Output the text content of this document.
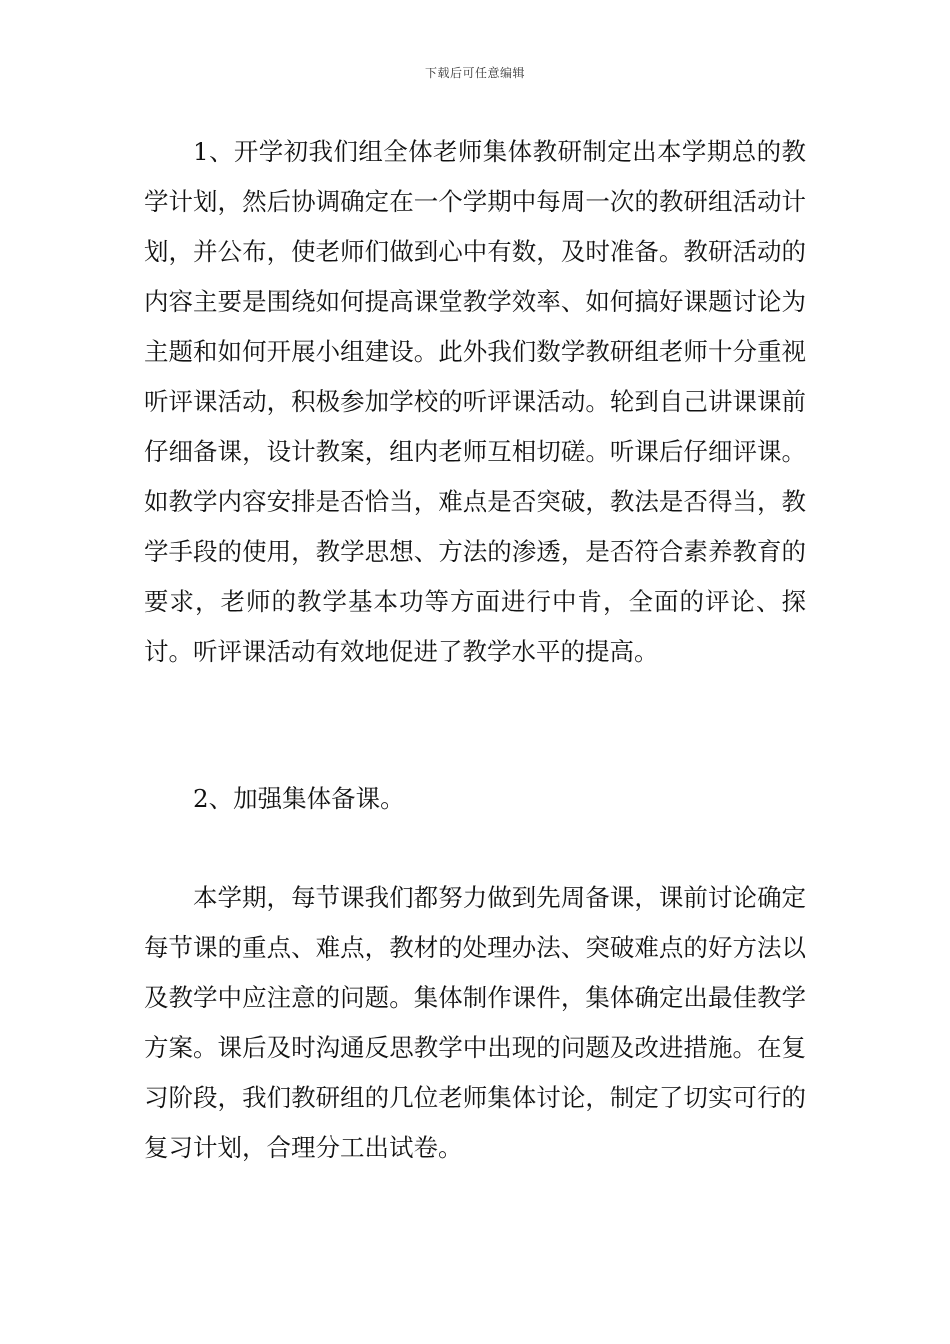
下载后可任意编辑

1、开学初我们组全体老师集体教研制定出本学期总的教学计划，然后协调确定在一个学期中每周一次的教研组活动计划，并公布，使老师们做到心中有数，及时准备。教研活动的内容主要是围绕如何提高课堂教学效率、如何搞好课题讨论为主题和如何开展小组建设。此外我们数学教研组老师十分重视听评课活动，积极参加学校的听评课活动。轮到自己讲课课前仔细备课，设计教案，组内老师互相切磋。听课后仔细评课。如教学内容安排是否恰当，难点是否突破，教法是否得当，教学手段的使用，教学思想、方法的渗透，是否符合素养教育的要求，老师的教学基本功等方面进行中肯，全面的评论、探讨。听评课活动有效地促进了教学水平的提高。

2、加强集体备课。

本学期，每节课我们都努力做到先周备课，课前讨论确定每节课的重点、难点，教材的处理办法、突破难点的好方法以及教学中应注意的问题。集体制作课件，集体确定出最佳教学方案。课后及时沟通反思教学中出现的问题及改进措施。在复习阶段，我们教研组的几位老师集体讨论，制定了切实可行的复习计划，合理分工出试卷。
